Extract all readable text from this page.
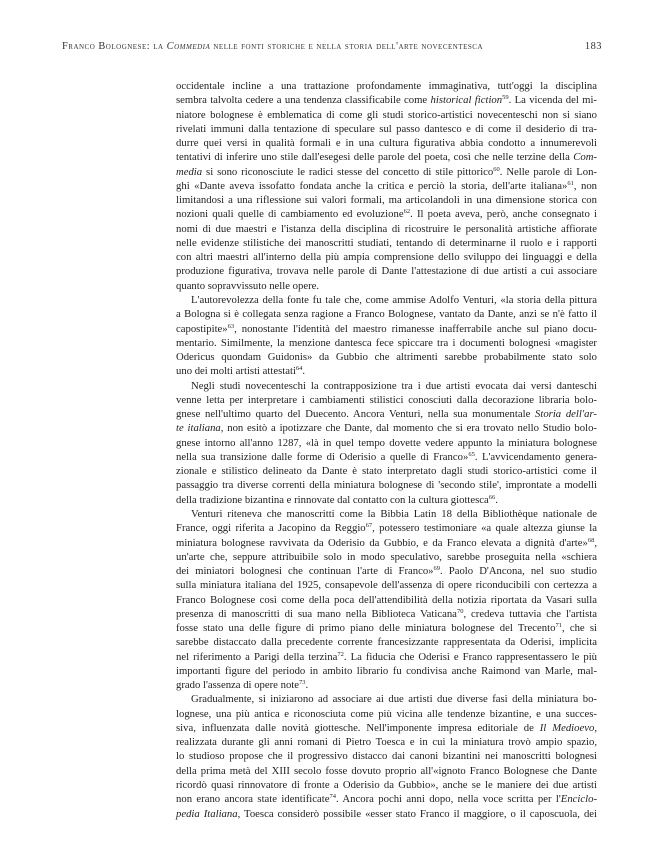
Franco Bolognese: la Commedia nelle fonti storiche e nella storia dell'arte novecentesca	183
occidentale incline a una trattazione profondamente immaginativa, tutt'oggi la disciplina
sembra talvolta cedere a una tendenza classificabile come historical fiction$^{59}$. La vicenda del mi-
niatore bolognese è emblematica di come gli studi storico-artistici novecenteschi non si siano
rivelati immuni dalla tentazione di speculare sul passo dantesco e di come il desiderio di tra-
durre quei versi in qualità formali e in una cultura figurativa abbia condotto a innumerevoli
tentativi di inferire uno stile dall'esegesi delle parole del poeta, così che nelle terzine della Com-
media si sono riconosciute le radici stesse del concetto di stile pittorico$^{60}$. Nelle parole di Lon-
ghi «Dante aveva issofatto fondata anche la critica e perciò la storia, dell'arte italiana»$^{61}$, non
limitandosi a una riflessione sui valori formali, ma articolandoli in una dimensione storica con
nozioni quali quelle di cambiamento ed evoluzione$^{62}$. Il poeta aveva, però, anche consegnato i
nomi di due maestri e l'istanza della disciplina di ricostruire le personalità artistiche affiorate
nelle evidenze stilistiche dei manoscritti studiati, tentando di determinarne il ruolo e i rapporti
con altri maestri all'interno della più ampia comprensione dello sviluppo dei linguaggi e della
produzione figurativa, trovava nelle parole di Dante l'attestazione di due artisti a cui associare
quanto sopravvissuto nelle opere.
L'autorevolezza della fonte fu tale che, come ammise Adolfo Venturi, «la storia della pittura
a Bologna si è collegata senza ragione a Franco Bolognese, vantato da Dante, anzi se n'è fatto il
capostipite»$^{63}$, nonostante l'identità del maestro rimanesse inafferrabile anche sul piano docu-
mentario. Similmente, la menzione dantesca fece spiccare tra i documenti bolognesi «magister
Odericus quondam Guidonis» da Gubbio che altrimenti sarebbe probabilmente stato solo
uno dei molti artisti attestati$^{64}$.
Negli studi novecenteschi la contrapposizione tra i due artisti evocata dai versi danteschi
venne letta per interpretare i cambiamenti stilistici conosciuti dalla decorazione libraria bolo-
gnese nell'ultimo quarto del Duecento. Ancora Venturi, nella sua monumentale Storia dell'ar-
te italiana, non esitò a ipotizzare che Dante, dal momento che si era trovato nello Studio bolo-
gnese intorno all'anno 1287, «là in quel tempo dovette vedere appunto la miniatura bolognese
nella sua transizione dalle forme di Oderisio a quelle di Franco»$^{65}$. L'avvicendamento genera-
zionale e stilistico delineato da Dante è stato interpretato dagli studi storico-artistici come il
passaggio tra diverse correnti della miniatura bolognese di 'secondo stile', improntate a modelli
della tradizione bizantina e rinnovate dal contatto con la cultura giottesca$^{66}$.
Venturi riteneva che manoscritti come la Bibbia Latin 18 della Bibliothèque nationale de
France, oggi riferita a Jacopino da Reggio$^{67}$, potessero testimoniare «a quale altezza giunse la
miniatura bolognese ravvivata da Oderisio da Gubbio, e da Franco elevata a dignità d'arte»$^{68}$,
un'arte che, seppure attribuibile solo in modo speculativo, sarebbe proseguita nella «schiera
dei miniatori bolognesi che continuan l'arte di Franco»$^{69}$. Paolo D'Ancona, nel suo studio
sulla miniatura italiana del 1925, consapevole dell'assenza di opere riconducibili con certezza a
Franco Bolognese così come della poca dell'attendibilità della notizia riportata da Vasari sulla
presenza di manoscritti di sua mano nella Biblioteca Vaticana$^{70}$, credeva tuttavia che l'artista
fosse stato una delle figure di primo piano delle miniatura bolognese del Trecento$^{71}$, che si
sarebbe distaccato dalla precedente corrente francesizzante rappresentata da Oderisi, implicita
nel riferimento a Parigi della terzina$^{72}$. La fiducia che Oderisi e Franco rappresentassero le più
importanti figure del periodo in ambito librario fu condivisa anche Raimond van Marle, mal-
grado l'assenza di opere note$^{73}$.
Gradualmente, si iniziarono ad associare ai due artisti due diverse fasi della miniatura bo-
lognese, una più antica e riconosciuta come più vicina alle tendenze bizantine, e una succes-
siva, influenzata dalle novità giottesche. Nell'imponente impresa editoriale de Il Medioevo,
realizzata durante gli anni romani di Pietro Toesca e in cui la miniatura trovò ampio spazio,
lo studioso propose che il progressivo distacco dai canoni bizantini nei manoscritti bolognesi
della prima metà del XIII secolo fosse dovuto proprio all'«ignoto Franco Bolognese che Dante
ricordò quasi rinnovatore di fronte a Oderisio da Gubbio», anche se le maniere dei due artisti
non erano ancora state identificate$^{74}$. Ancora pochi anni dopo, nella voce scritta per l'Enciclo-
pedia Italiana, Toesca considerò possibile «esser stato Franco il maggiore, o il caposcuola, dei
